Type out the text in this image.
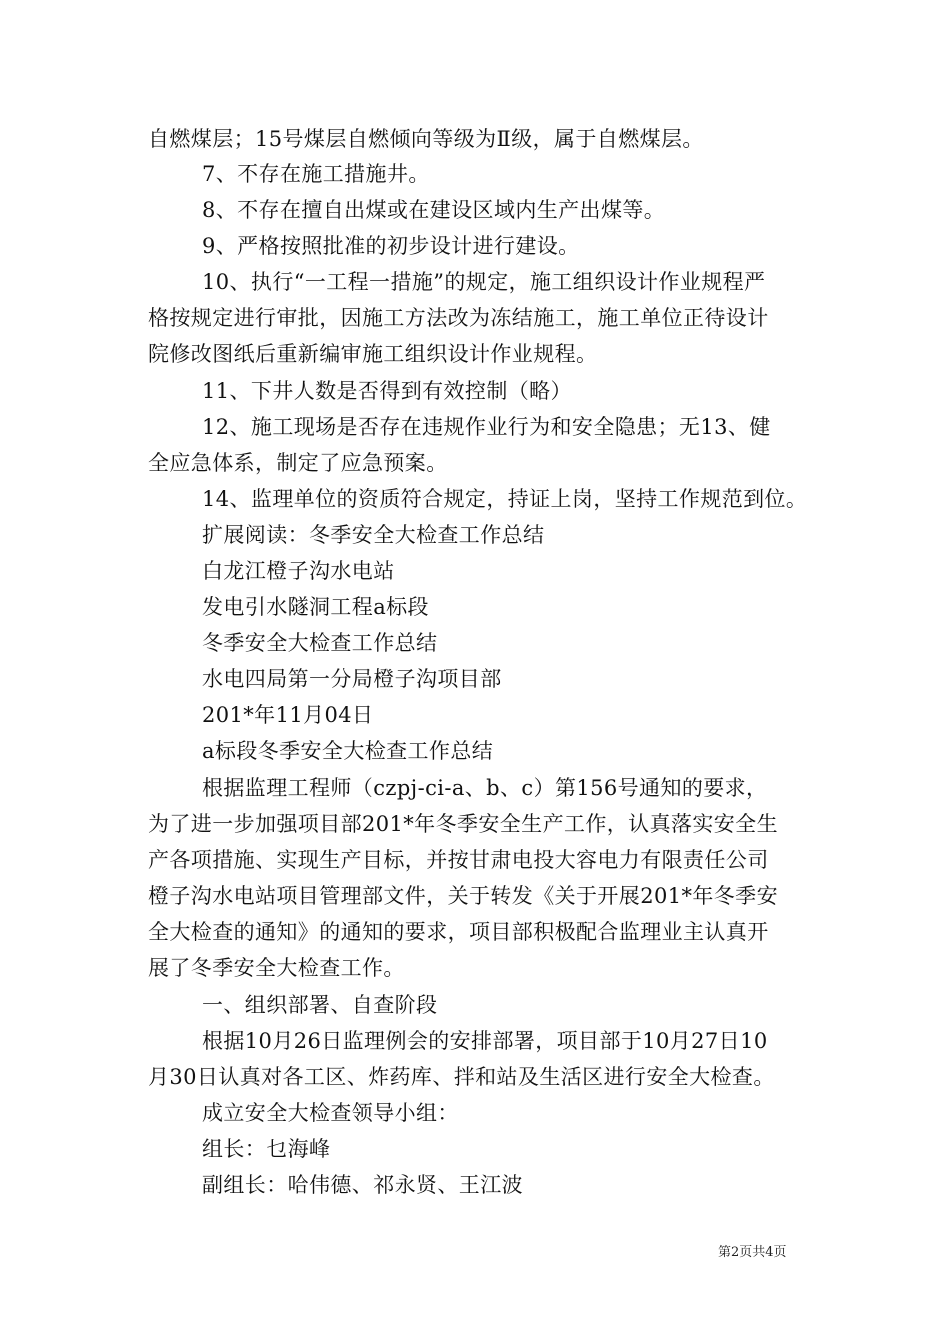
自燃煤层；15号煤层自燃倾向等级为Ⅱ级，属于自燃煤层。
7、不存在施工措施井。
8、不存在擅自出煤或在建设区域内生产出煤等。
9、严格按照批准的初步设计进行建设。
10、执行“一工程一措施”的规定，施工组织设计作业规程严
格按规定进行审批，因施工方法改为冻结施工，施工单位正待设计
院修改图纸后重新编审施工组织设计作业规程。
11、下井人数是否得到有效控制（略）
12、施工现场是否存在违规作业行为和安全隐患；无13、健
全应急体系，制定了应急预案。
14、监理单位的资质符合规定，持证上岗，坚持工作规范到位。
扩展阅读：冬季安全大检查工作总结
白龙江橙子沟水电站
发电引水隧洞工程a标段
冬季安全大检查工作总结
水电四局第一分局橙子沟项目部
201*年11月04日
a标段冬季安全大检查工作总结
根据监理工程师（czpj-ci-a、b、c）第156号通知的要求，
为了进一步加强项目部201*年冬季安全生产工作，认真落实安全生
产各项措施、实现生产目标，并按甘肃电投大容电力有限责任公司
橙子沟水电站项目管理部文件，关于转发《关于开展201*年冬季安
全大检查的通知》的通知的要求，项目部积极配合监理业主认真开
展了冬季安全大检查工作。
一、组织部署、自查阶段
根据10月26日监理例会的安排部署，项目部于10月27日10
月30日认真对各工区、炸药库、拌和站及生活区进行安全大检查。
成立安全大检查领导小组：
组长：乜海峰
副组长：哈伟德、祁永贤、王江波
第2页共4页
